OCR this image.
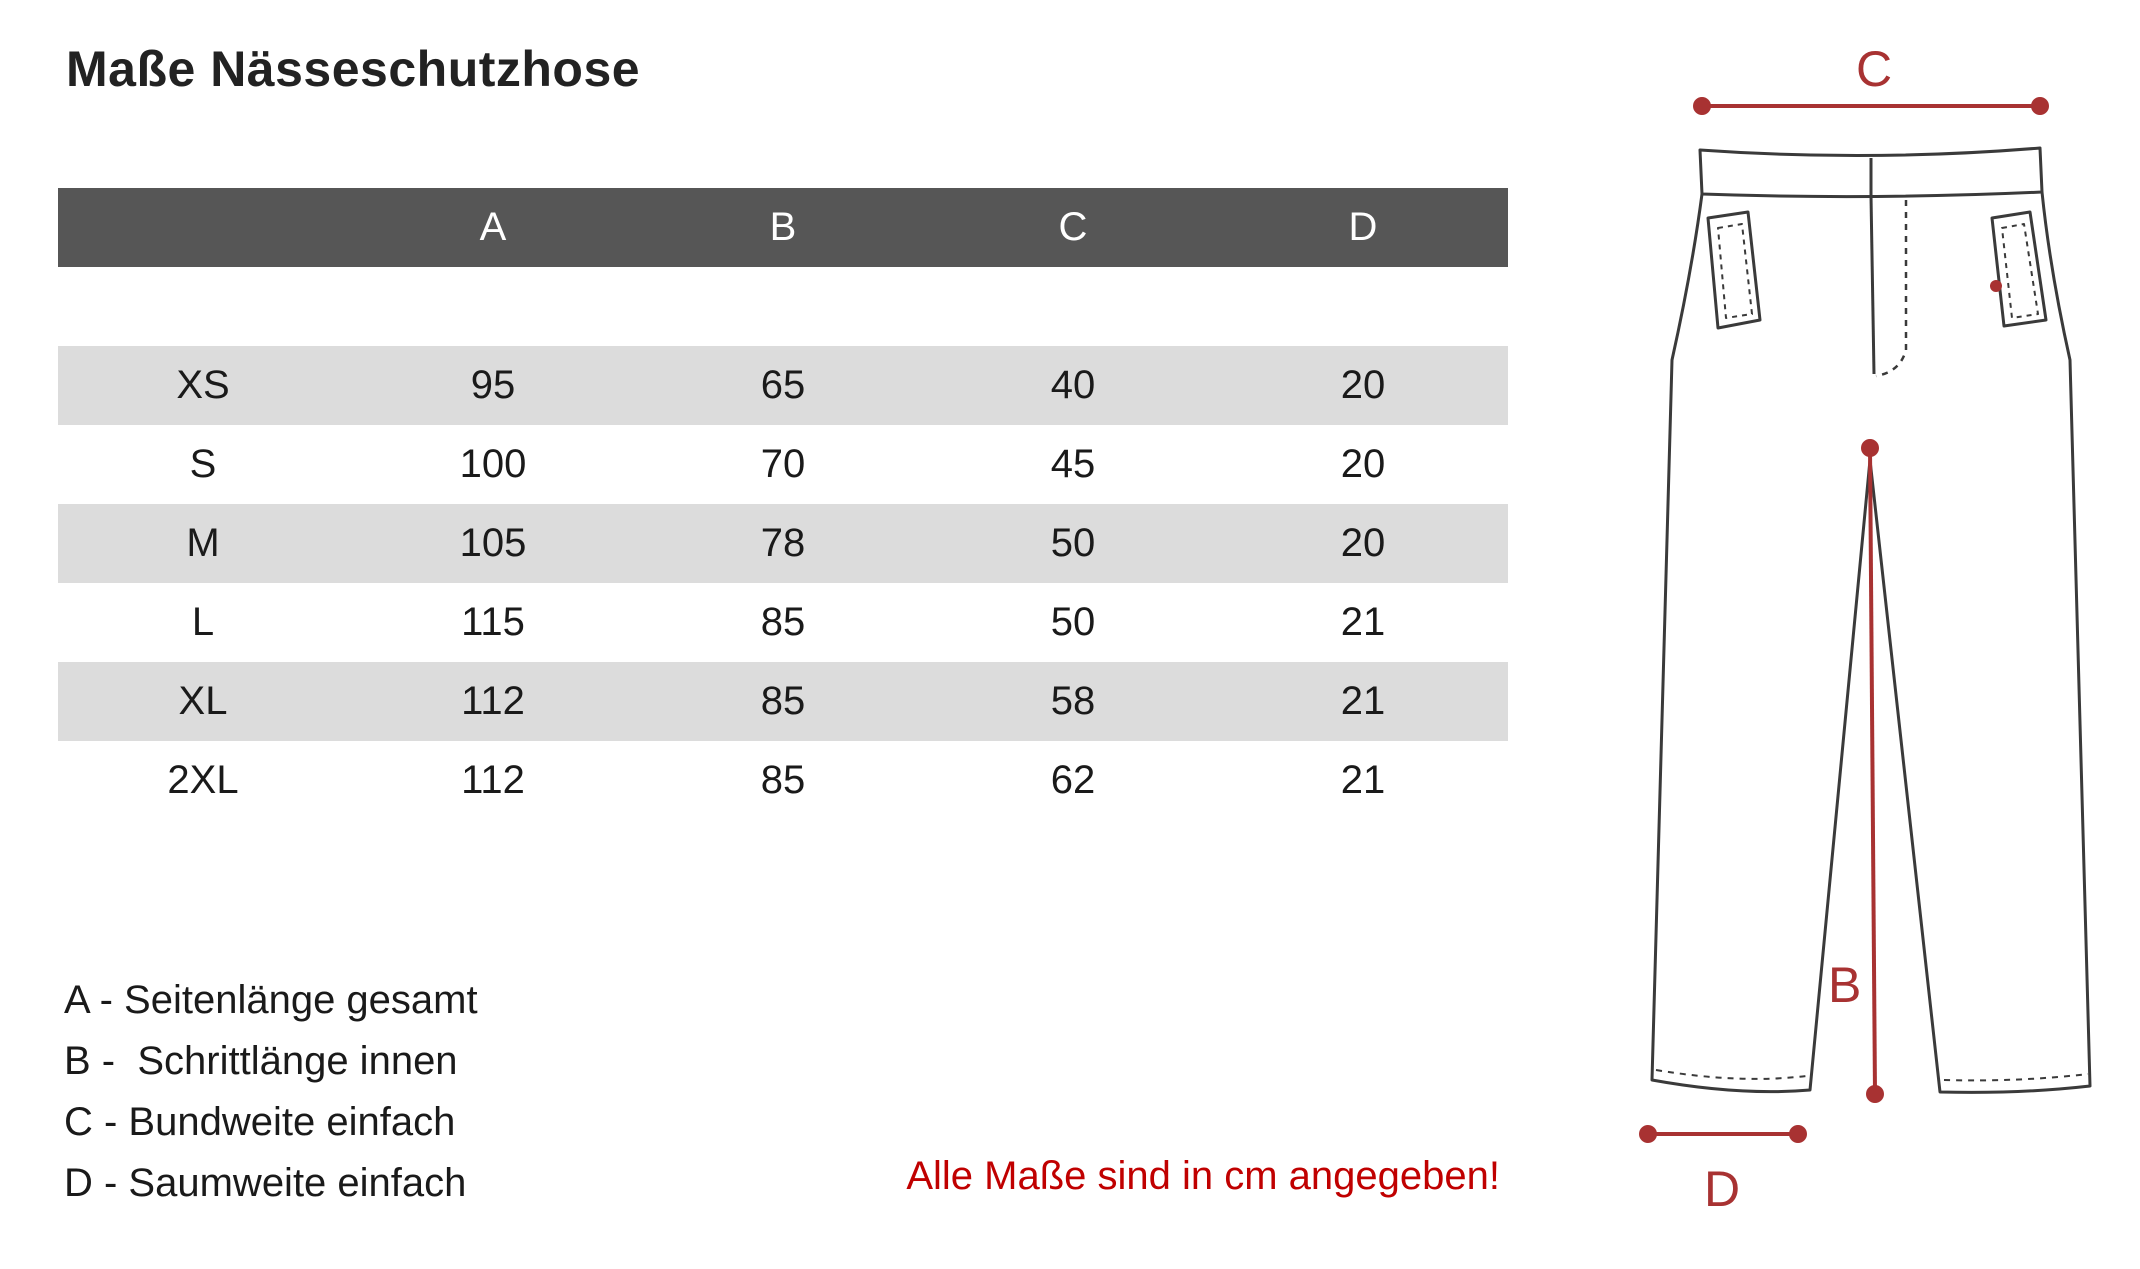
Maße Nässeschutzhose
	A	B	C	D

XS	95	65	40	20
S	100	70	45	20
M	105	78	50	20
L	115	85	50	21
XL	112	85	58	21
2XL	112	85	62	21
A - Seitenlänge gesamt
B -  Schrittlänge innen
C - Bundweite einfach
D - Saumweite einfach	Alle Maße sind in cm angegeben!
C
B
D
